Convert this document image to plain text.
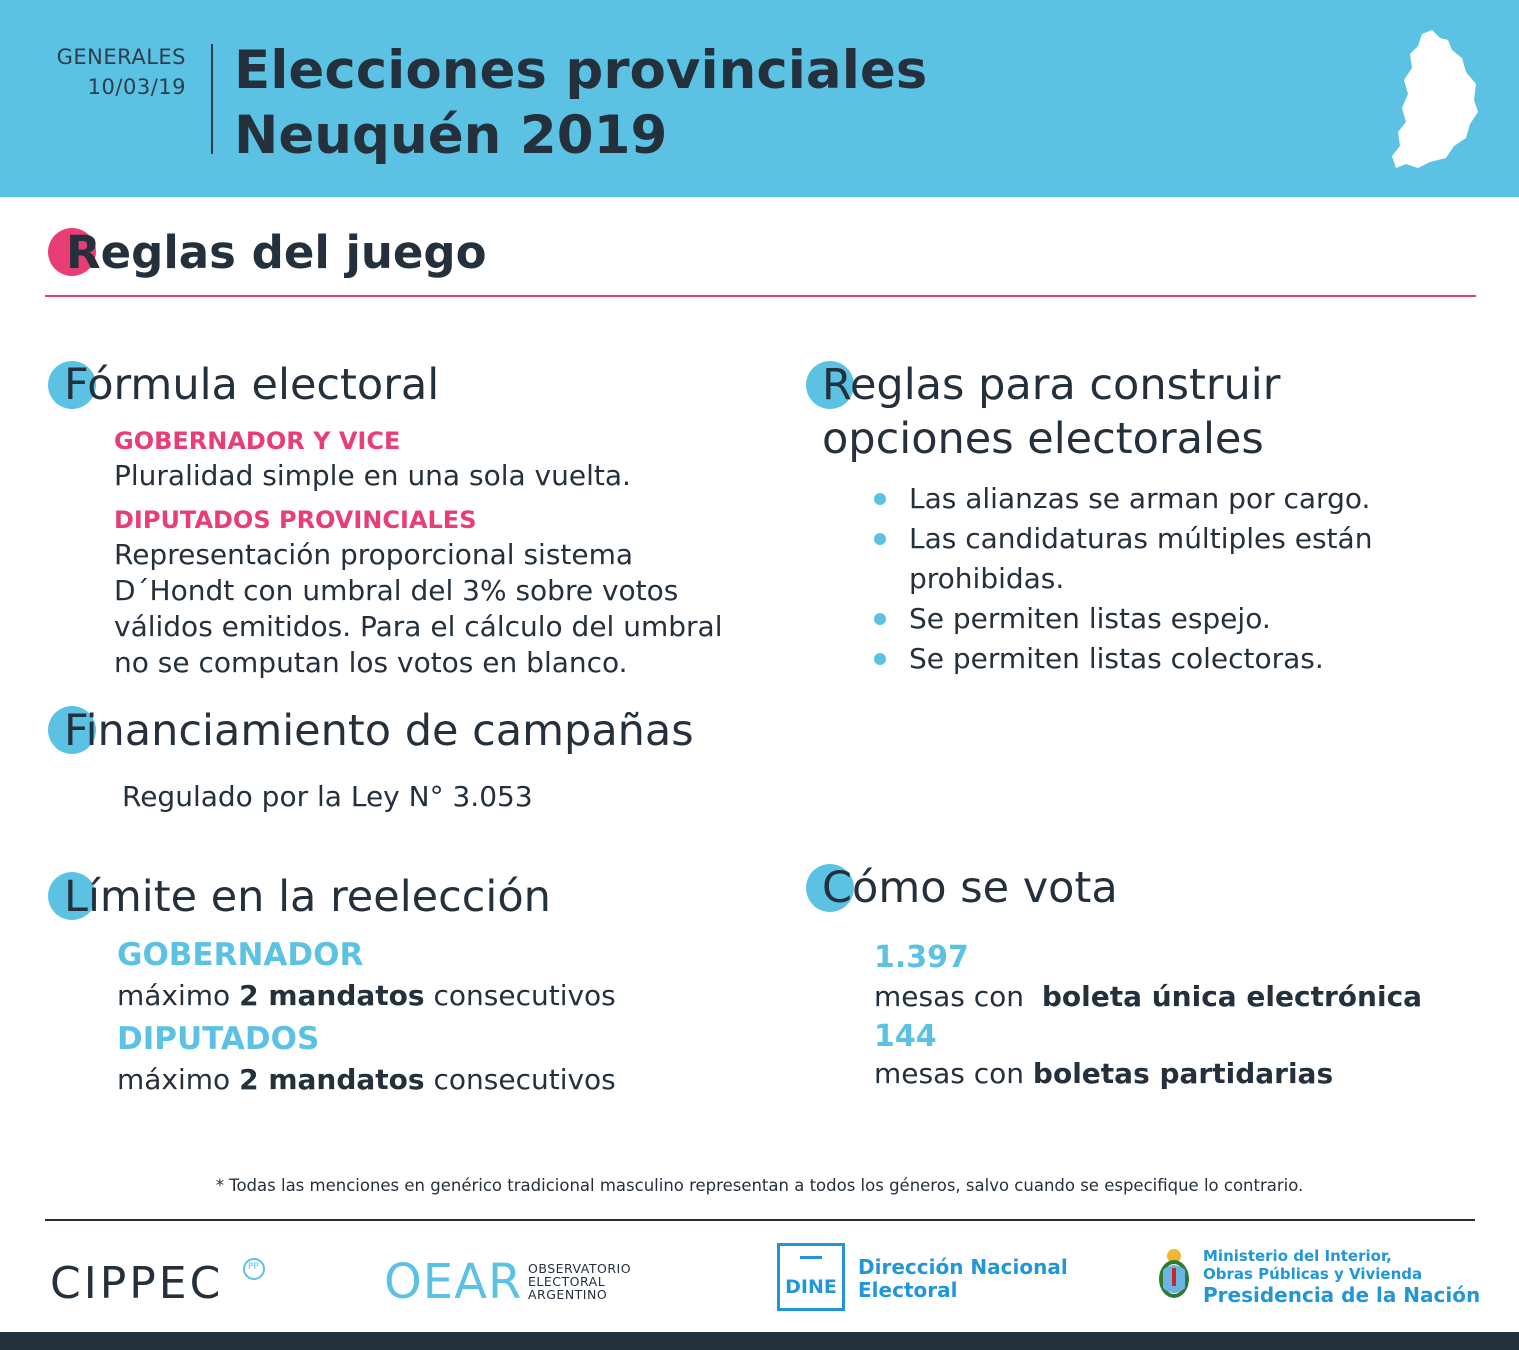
GENERALES
10/03/19 Elecciones provinciales
Neuquén 2019
Reglas del juego
Fórmula electoral
GOBERNADOR Y VICE
Pluralidad simple en una sola vuelta.
DIPUTADOS PROVINCIALES
Representación proporcional sistema
D´Hondt con umbral del 3% sobre votos
válidos emitidos. Para el cálculo del umbral
no se computan los votos en blanco.
Financiamiento de campañas
Regulado por la Ley N° 3.053
Límite en la reelección
GOBERNADOR
máximo 2 mandatos consecutivos
DIPUTADOS
máximo 2 mandatos consecutivos
Reglas para construir
opciones electorales
Las alianzas se arman por cargo.
Las candidaturas múltiples están prohibidas.
Se permiten listas espejo.
Se permiten listas colectoras.
Cómo se vota
1.397
mesas con boleta única electrónica
144
mesas con boletas partidarias
* Todas las menciones en genérico tradicional masculino representan a todos los géneros, salvo cuando se especifique lo contrario.
CIPPEC	PP	OEAR OBSERVATORIO
ELECTORAL
ARGENTINO	DINE
Dirección Nacional
Electoral
Ministerio del Interior,
Obras Públicas y Vivienda
Presidencia de la Nación
